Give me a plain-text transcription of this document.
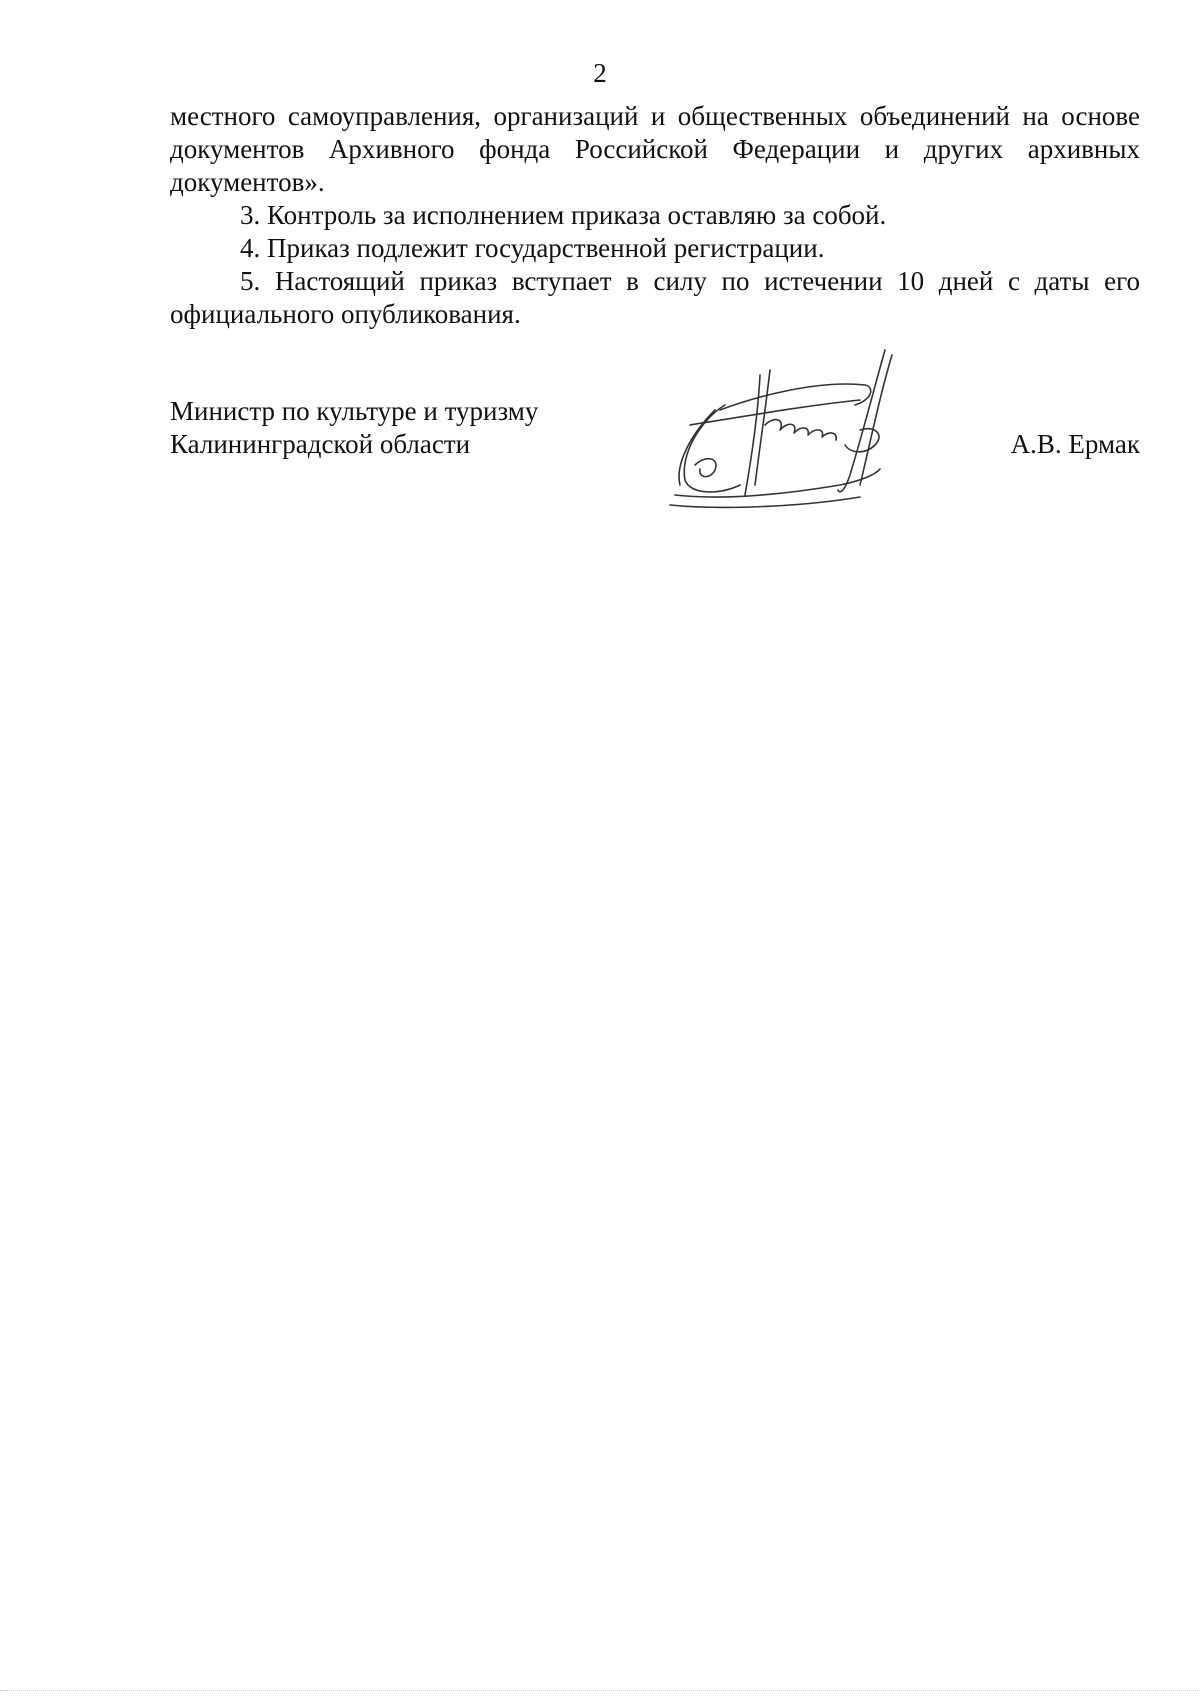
2

местного самоуправления, организаций и общественных объединений на основе документов Архивного фонда Российской Федерации и других архивных документов».

3. Контроль за исполнением приказа оставляю за собой.

4. Приказ подлежит государственной регистрации.

5. Настоящий приказ вступает в силу по истечении 10 дней с даты его официального опубликования.

Министр по культуре и туризму
Калининградской области	А.В. Ермак
